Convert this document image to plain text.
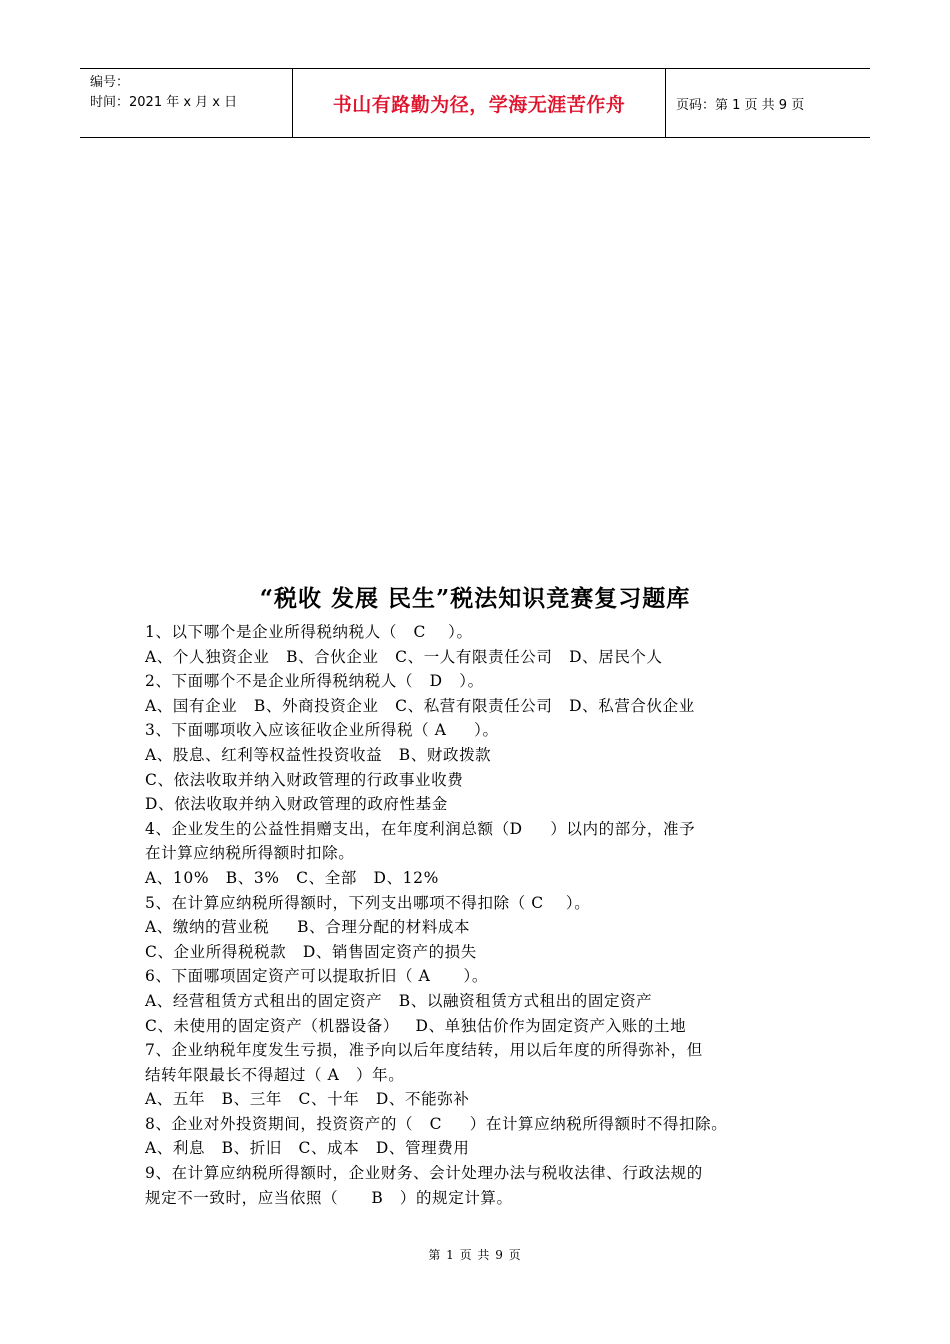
编号：
时间：2021 年 x 月 x 日	书山有路勤为径，学海无涯苦作舟	页码：第 1 页 共 9 页
“税收 发展 民生”税法知识竞赛复习题库

1、以下哪个是企业所得税纳税人（   C    ）。

A、个人独资企业   B、合伙企业   C、一人有限责任公司   D、居民个人

2、下面哪个不是企业所得税纳税人（   D   ）。

A、国有企业   B、外商投资企业   C、私营有限责任公司   D、私营合伙企业

3、下面哪项收入应该征收企业所得税（ A     ）。

A、股息、红利等权益性投资收益   B、财政拨款

C、依法收取并纳入财政管理的行政事业收费

D、依法收取并纳入财政管理的政府性基金

4、企业发生的公益性捐赠支出，在年度利润总额（D     ）以内的部分，准予

在计算应纳税所得额时扣除。

A、10%   B、3%   C、全部   D、12%

5、在计算应纳税所得额时，下列支出哪项不得扣除（ C    ）。

A、缴纳的营业税     B、合理分配的材料成本

C、企业所得税税款   D、销售固定资产的损失

6、下面哪项固定资产可以提取折旧（ A      ）。

A、经营租赁方式租出的固定资产   B、以融资租赁方式租出的固定资产

C、未使用的固定资产（机器设备）   D、单独估价作为固定资产入账的土地

7、企业纳税年度发生亏损，准予向以后年度结转，用以后年度的所得弥补，但

结转年限最长不得超过（ A   ）年。

A、五年   B、三年   C、十年   D、不能弥补

8、企业对外投资期间，投资资产的（   C     ）在计算应纳税所得额时不得扣除。

A、利息   B、折旧   C、成本   D、管理费用

9、在计算应纳税所得额时，企业财务、会计处理办法与税收法律、行政法规的

规定不一致时，应当依照（      B   ）的规定计算。

第 1 页 共 9 页
